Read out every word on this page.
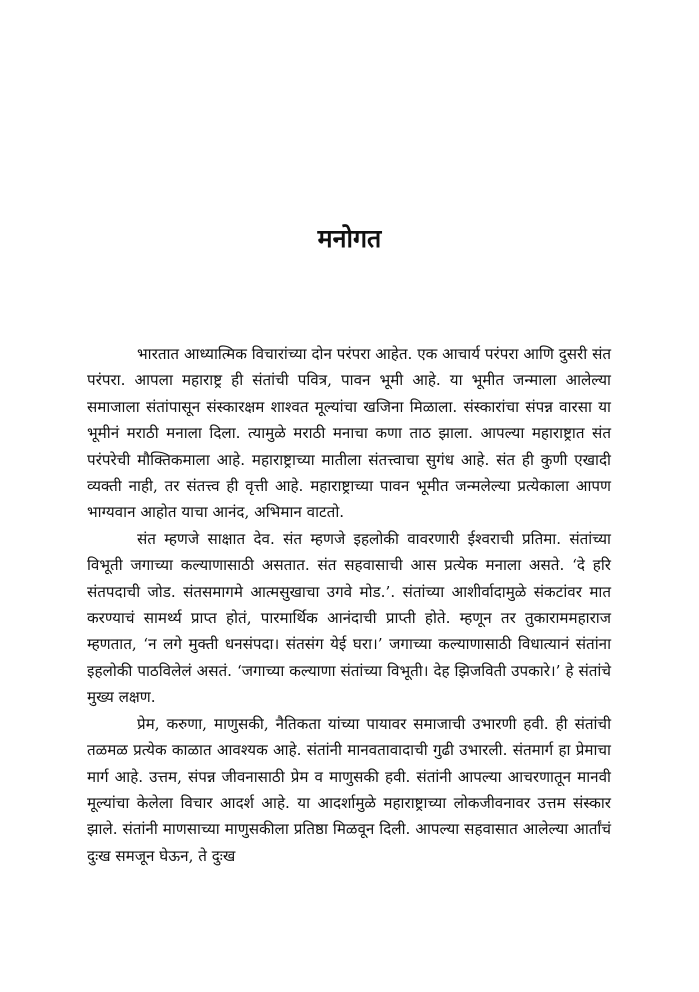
मनोगत

भारतात आध्यात्मिक विचारांच्या दोन परंपरा आहेत. एक आचार्य परंपरा आणि दुसरी संत परंपरा. आपला महाराष्ट्र ही संतांची पवित्र, पावन भूमी आहे. या भूमीत जन्माला आलेल्या समाजाला संतांपासून संस्कारक्षम शाश्वत मूल्यांचा खजिना मिळाला. संस्कारांचा संपन्न वारसा या भूमीनं मराठी मनाला दिला. त्यामुळे मराठी मनाचा कणा ताठ झाला. आपल्या महाराष्ट्रात संत परंपरेची मौक्तिकमाला आहे. महाराष्ट्राच्या मातीला संतत्त्वाचा सुगंध आहे. संत ही कुणी एखादी व्यक्ती नाही, तर संतत्त्व ही वृत्ती आहे. महाराष्ट्राच्या पावन भूमीत जन्मलेल्या प्रत्येकाला आपण भाग्यवान आहोत याचा आनंद, अभिमान वाटतो.

संत म्हणजे साक्षात देव. संत म्हणजे इहलोकी वावरणारी ईश्वराची प्रतिमा. संतांच्या विभूती जगाच्या कल्याणासाठी असतात. संत सहवासाची आस प्रत्येक मनाला असते. ‘दे हरि संतपदाची जोड. संतसमागमे आत्मसुखाचा उगवे मोड.’. संतांच्या आशीर्वादामुळे संकटांवर मात करण्याचं सामर्थ्य प्राप्त होतं, पारमार्थिक आनंदाची प्राप्ती होते. म्हणून तर तुकाराममहाराज म्हणतात, ‘न लगे मुक्ती धनसंपदा। संतसंग येई घरा।’ जगाच्या कल्याणासाठी विधात्यानं संतांना इहलोकी पाठविलेलं असतं. ‘जगाच्या कल्याणा संतांच्या विभूती। देह झिजविती उपकारे।’ हे संतांचे मुख्य लक्षण.

प्रेम, करुणा, माणुसकी, नैतिकता यांच्या पायावर समाजाची उभारणी हवी. ही संतांची तळमळ प्रत्येक काळात आवश्यक आहे. संतांनी मानवतावादाची गुढी उभारली. संतमार्ग हा प्रेमाचा मार्ग आहे. उत्तम, संपन्न जीवनासाठी प्रेम व माणुसकी हवी. संतांनी आपल्या आचरणातून मानवी मूल्यांचा केलेला विचार आदर्श आहे. या आदर्शामुळे महाराष्ट्राच्या लोकजीवनावर उत्तम संस्कार झाले. संतांनी माणसाच्या माणुसकीला प्रतिष्ठा मिळवून दिली. आपल्या सहवासात आलेल्या आर्तांचं दुःख समजून घेऊन, ते दुःख
